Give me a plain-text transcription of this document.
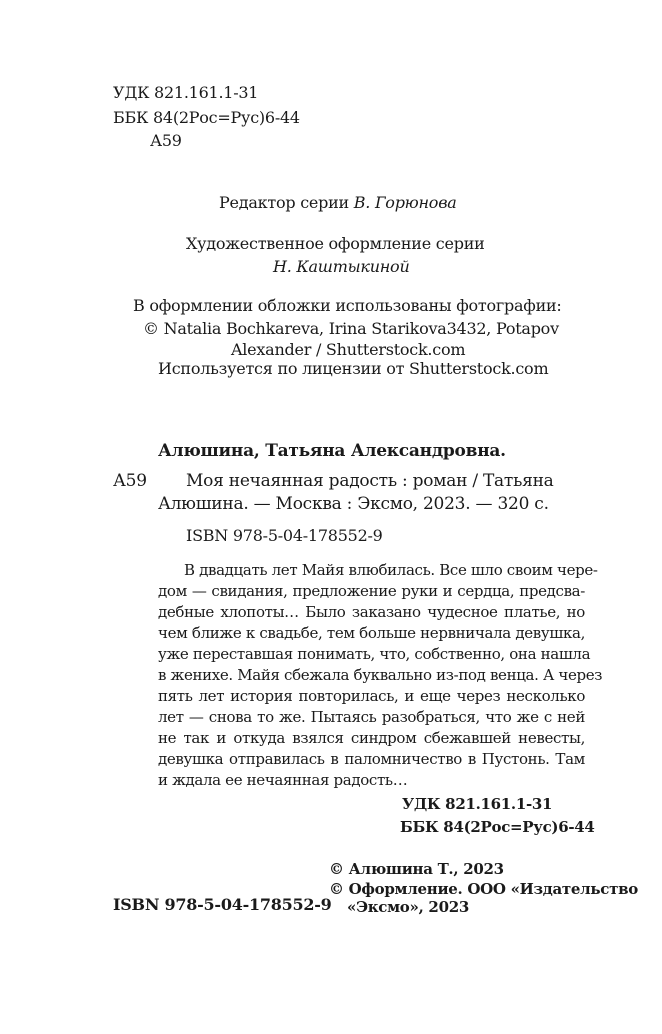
УДК 821.161.1-31
ББК 84(2Рос=Рус)6-44
А59
Редактор серии В. Горюнова
Художественное оформление серии
Н. Каштыкиной
В оформлении обложки использованы фотографии:
© Natalia Bochkareva, Irina Starikova3432, Potapov
Alexander / Shutterstock.com
Используется по лицензии от Shutterstock.com
Алюшина, Татьяна Александровна.
А59 Моя нечаянная радость : роман / Татьяна
Алюшина. — Москва : Эксмо, 2023. — 320 с.
ISBN 978-5-04-178552-9
В двадцать лет Майя влюбилась. Все шло своим чере-
дом — свидания, предложение руки и сердца, предсва-
дебные хлопоты… Было заказано чудесное платье, но
чем ближе к свадьбе, тем больше нервничала девушка,
уже переставшая понимать, что, собственно, она нашла
в женихе. Майя сбежала буквально из-под венца. А через
пять лет история повторилась, и еще через несколько
лет — снова то же. Пытаясь разобраться, что же с ней
не так и откуда взялся синдром сбежавшей невесты,
девушка отправилась в паломничество в Пустонь. Там
и ждала ее нечаянная радость…
УДК 821.161.1-31
ББК 84(2Рос=Рус)6-44
ISBN 978-5-04-178552-9
© Алюшина Т., 2023
© Оформление. ООО «Издательство
«Эксмо», 2023
